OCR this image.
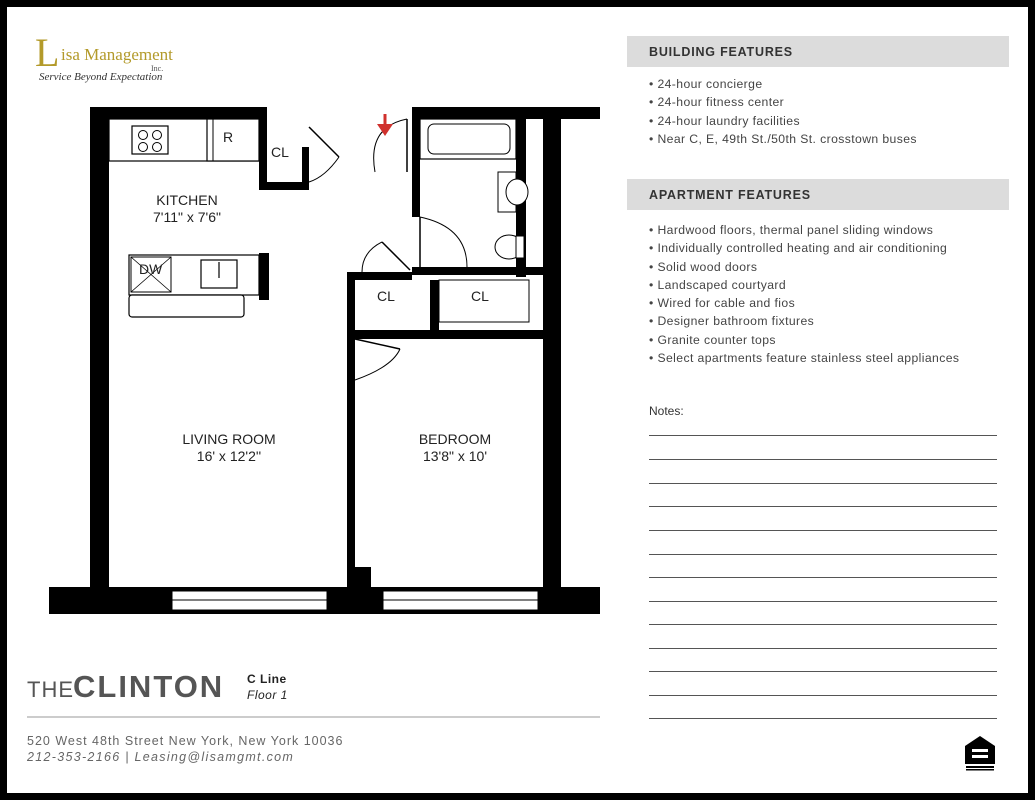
L isa Management
Inc.
Service Beyond Expectation
KITCHEN
7'11" x 7'6"
R
CL
DW
CL	CL
LIVING ROOM
16' x 12'2''
BEDROOM
13'8" x 10'
THE CLINTON C Line
Floor 1
520 West 48th Street New York, New York 10036
212-353-2166 | Leasing@lisamgmt.com
BUILDING FEATURES
• 24-hour concierge
• 24-hour fitness center
• 24-hour laundry facilities
• Near C, E, 49th St./50th St. crosstown buses
APARTMENT FEATURES
• Hardwood floors, thermal panel sliding windows
• Individually controlled heating and air conditioning
• Solid wood doors
• Landscaped courtyard
• Wired for cable and fios
• Designer bathroom fixtures
• Granite counter tops
• Select apartments feature stainless steel appliances
Notes:
